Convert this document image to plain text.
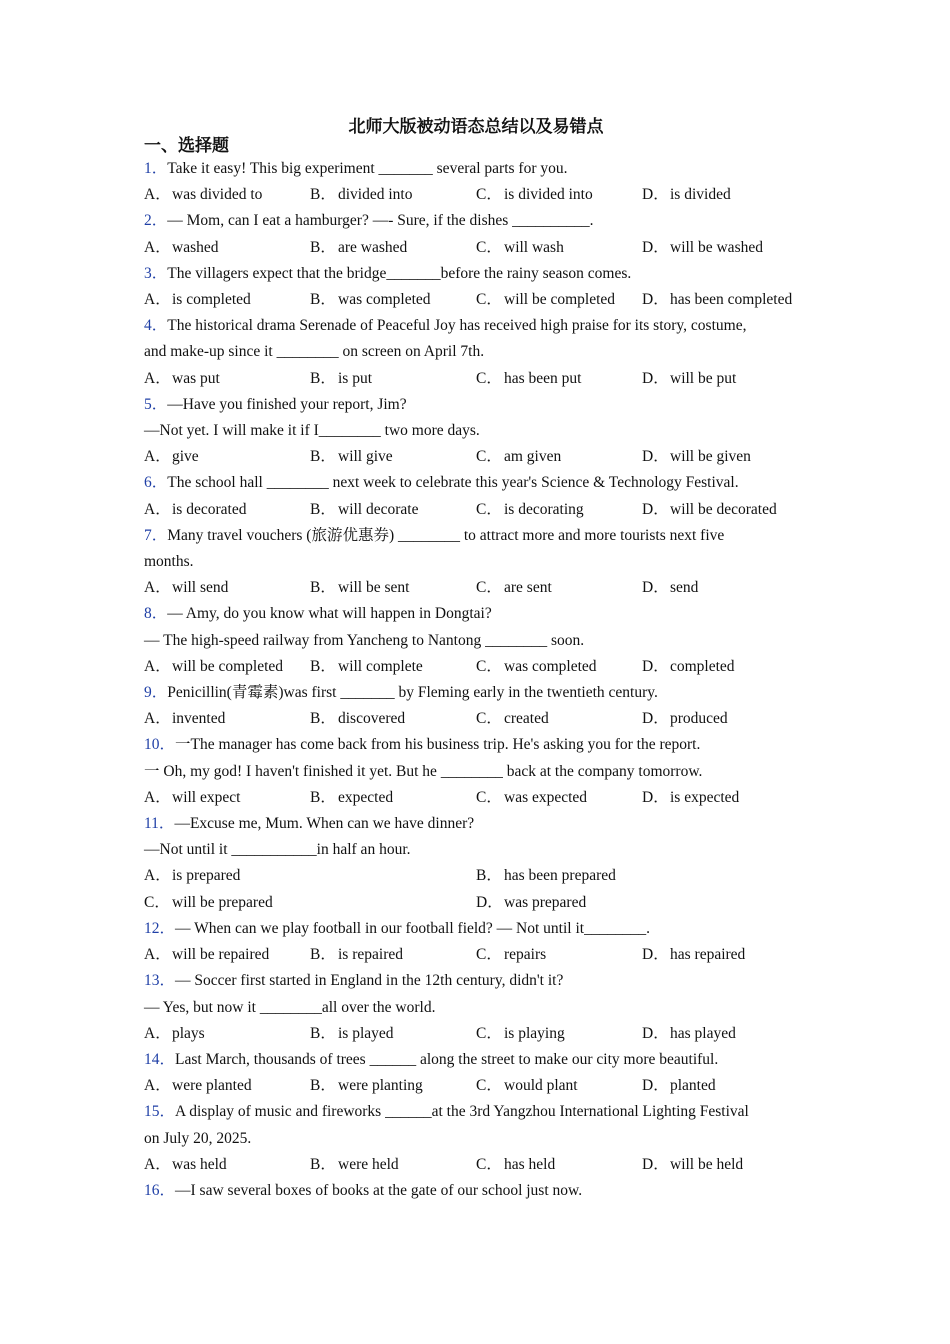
北师大版被动语态总结以及易错点
一、选择题
1．Take it easy! This big experiment _______ several parts for you.
A．was divided to	B． divided into	C． is divided into	D．is divided
2．— Mom, can I eat a hamburger? —- Sure, if the dishes __________.
A．washed	B． are washed	C． will wash	D．will be washed
3．The villagers expect that the bridge_______before the rainy season comes.
A．is completed	B． was completed	C． will be completed	D．has been completed
4．The historical drama Serenade of Peaceful Joy has received high praise for its story, costume,
and make-up since it ________ on screen on April 7th.
A．was put	B． is put	C． has been put	D．will be put
5．—Have you finished your report, Jim?
—Not yet. I will make it if I________ two more days.
A．give	B． will give	C． am given	D．will be given
6．The school hall ________ next week to celebrate this year's Science & Technology Festival.
A．is decorated	B． will decorate	C． is decorating	D．will be decorated
7．Many travel vouchers (旅游优惠券) ________ to attract more and more tourists next five
months.
A．will send	B． will be sent	C． are sent	D．send
8．— Amy, do you know what will happen in Dongtai?
— The high-speed railway from Yancheng to Nantong ________ soon.
A．will be completed	B． will complete	C． was completed	D．completed
9．Penicillin(青霉素)was first _______ by Fleming early in the twentieth century.
A．invented	B． discovered	C． created	D．produced
10．一The manager has come back from his business trip. He's asking you for the report.
一 Oh, my god! I haven't finished it yet. But he ________ back at the company tomorrow.
A．will expect	B． expected	C． was expected	D．is expected
11．—Excuse me, Mum. When can we have dinner?
—Not until it ___________in half an hour.
A．is prepared	B． has been prepared
C． will be prepared	D．was prepared
12．— When can we play football in our football field? — Not until it________.
A．will be repaired	B． is repaired	C． repairs	D．has repaired
13．— Soccer first started in England in the 12th century, didn't it?
— Yes, but now it ________all over the world.
A．plays	B． is played	C． is playing	D．has played
14．Last March, thousands of trees ______ along the street to make our city more beautiful.
A．were planted	B． were planting	C． would plant	D．planted
15．A display of music and fireworks ______at the 3rd Yangzhou International Lighting Festival
on July 20, 2025.
A．was held	B． were held	C． has held	D．will be held
16．—I saw several boxes of books at the gate of our school just now.
